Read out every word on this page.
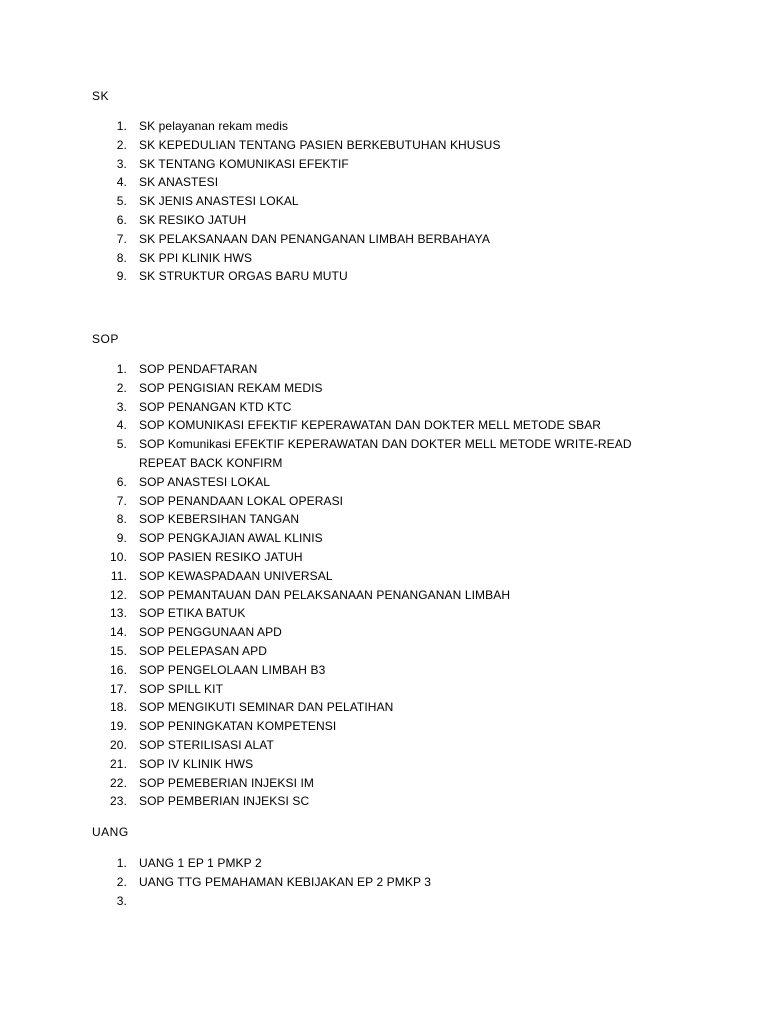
SK
1. SK pelayanan rekam medis
2. SK KEPEDULIAN TENTANG PASIEN BERKEBUTUHAN KHUSUS
3. SK TENTANG KOMUNIKASI EFEKTIF
4. SK ANASTESI
5. SK JENIS ANASTESI LOKAL
6. SK RESIKO JATUH
7. SK PELAKSANAAN DAN PENANGANAN LIMBAH BERBAHAYA
8. SK PPI KLINIK HWS
9. SK STRUKTUR ORGAS BARU MUTU
SOP
1. SOP PENDAFTARAN
2. SOP PENGISIAN REKAM MEDIS
3. SOP PENANGAN KTD KTC
4. SOP KOMUNIKASI EFEKTIF KEPERAWATAN DAN DOKTER MELL METODE SBAR
5. SOP Komunikasi EFEKTIF KEPERAWATAN DAN DOKTER MELL METODE WRITE-READ REPEAT BACK KONFIRM
6. SOP ANASTESI LOKAL
7. SOP PENANDAAN LOKAL OPERASI
8. SOP KEBERSIHAN TANGAN
9. SOP PENGKAJIAN AWAL KLINIS
10. SOP PASIEN RESIKO JATUH
11. SOP KEWASPADAAN UNIVERSAL
12. SOP PEMANTAUAN DAN PELAKSANAAN PENANGANAN LIMBAH
13. SOP ETIKA BATUK
14. SOP PENGGUNAAN APD
15. SOP PELEPASAN APD
16. SOP PENGELOLAAN LIMBAH B3
17. SOP SPILL KIT
18. SOP MENGIKUTI SEMINAR DAN PELATIHAN
19. SOP PENINGKATAN KOMPETENSI
20. SOP STERILISASI ALAT
21. SOP IV KLINIK HWS
22. SOP PEMEBERIAN INJEKSI IM
23. SOP PEMBERIAN INJEKSI SC
UANG
1. UANG 1 EP 1 PMKP 2
2. UANG TTG PEMAHAMAN KEBIJAKAN EP 2 PMKP 3
3.
